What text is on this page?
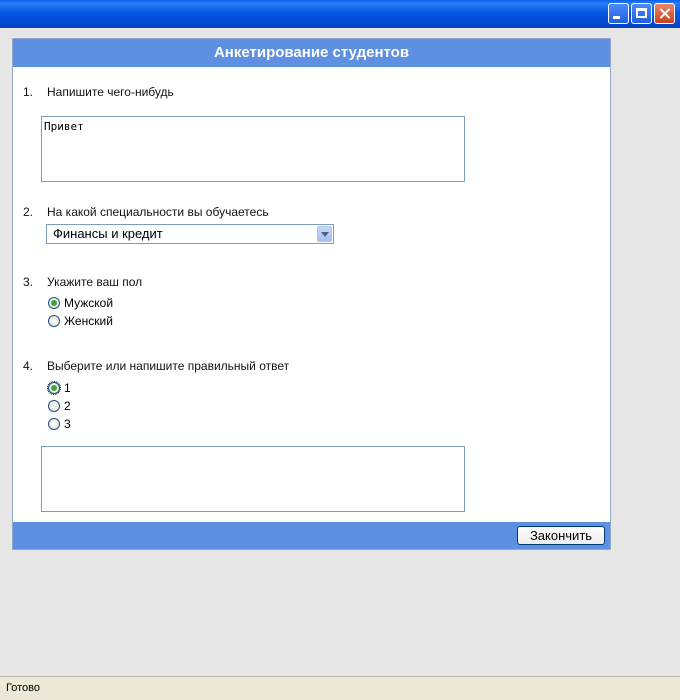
Анкетирование студентов
1. Напишите чего-нибудь
Привет
2. На какой специальности вы обучаетесь
Финансы и кредит
3. Укажите ваш пол
Мужской
Женский
4. Выберите или напишите правильный ответ
1
2
3
Закончить
Готово
